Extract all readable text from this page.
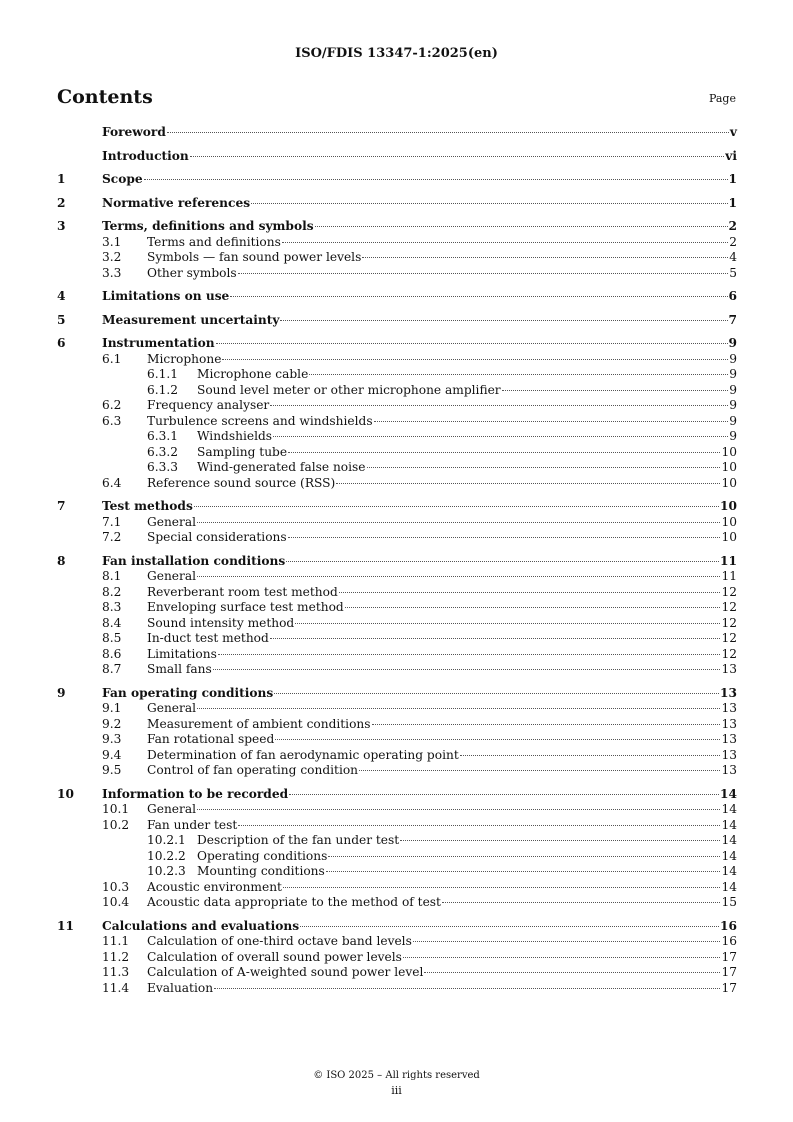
ISO/FDIS 13347-1:2025(en)
Contents	Page
Foreword	v
Introduction	vi
1	Scope	1
2	Normative references	1
3	Terms, definitions and symbols	2
3.1	Terms and definitions	2
3.2	Symbols — fan sound power levels	4
3.3	Other symbols	5
4	Limitations on use	6
5	Measurement uncertainty	7
6	Instrumentation	9
6.1	Microphone	9
6.1.1	Microphone cable	9
6.1.2	Sound level meter or other microphone amplifier	9
6.2	Frequency analyser	9
6.3	Turbulence screens and windshields	9
6.3.1	Windshields	9
6.3.2	Sampling tube	10
6.3.3	Wind-generated false noise	10
6.4	Reference sound source (RSS)	10
7	Test methods	10
7.1	General	10
7.2	Special considerations	10
8	Fan installation conditions	11
8.1	General	11
8.2	Reverberant room test method	12
8.3	Enveloping surface test method	12
8.4	Sound intensity method	12
8.5	In-duct test method	12
8.6	Limitations	12
8.7	Small fans	13
9	Fan operating conditions	13
9.1	General	13
9.2	Measurement of ambient conditions	13
9.3	Fan rotational speed	13
9.4	Determination of fan aerodynamic operating point	13
9.5	Control of fan operating condition	13
10	Information to be recorded	14
10.1	General	14
10.2	Fan under test	14
10.2.1 Description of the fan under test	14
10.2.2 Operating conditions	14
10.2.3 Mounting conditions	14
10.3	Acoustic environment	14
10.4	Acoustic data appropriate to the method of test	15
11	Calculations and evaluations	16
11.1	Calculation of one-third octave band levels	16
11.2	Calculation of overall sound power levels	17
11.3	Calculation of A-weighted sound power level	17
11.4	Evaluation	17
© ISO 2025 – All rights reserved
iii
